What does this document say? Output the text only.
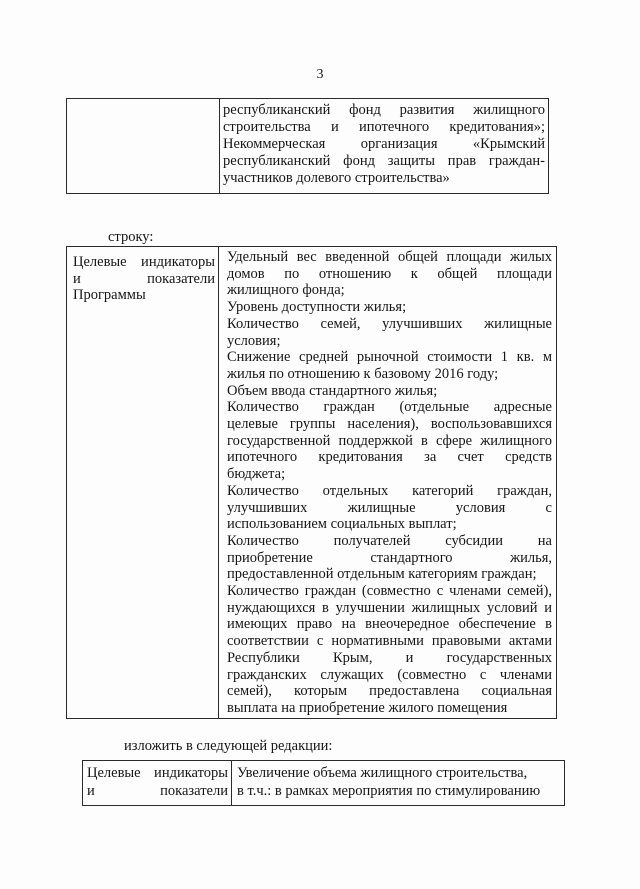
3
республиканский фонд развития жилищного
строительства и ипотечного кредитования»;
Некоммерческая организация «Крымский
республиканский фонд защиты прав граждан-
участников долевого строительства»
строку:
Целевые индикаторы
и показатели
Программы
Удельный вес введенной общей площади жилых
домов по отношению к общей площади
жилищного фонда;
Уровень доступности жилья;
Количество семей, улучшивших жилищные
условия;
Снижение средней рыночной стоимости 1 кв. м
жилья по отношению к базовому 2016 году;
Объем ввода стандартного жилья;
Количество граждан (отдельные адресные
целевые группы населения), воспользовавшихся
государственной поддержкой в сфере жилищного
ипотечного кредитования за счет средств
бюджета;
Количество отдельных категорий граждан,
улучшивших жилищные условия с
использованием социальных выплат;
Количество получателей субсидии на
приобретение стандартного жилья,
предоставленной отдельным категориям граждан;
Количество граждан (совместно с членами семей),
нуждающихся в улучшении жилищных условий и
имеющих право на внеочередное обеспечение в
соответствии с нормативными правовыми актами
Республики Крым, и государственных
гражданских служащих (совместно с членами
семей), которым предоставлена социальная
выплата на приобретение жилого помещения
изложить в следующей редакции:
Целевые индикаторы
и показатели
Увеличение объема жилищного строительства,
в т.ч.: в рамках мероприятия по стимулированию
